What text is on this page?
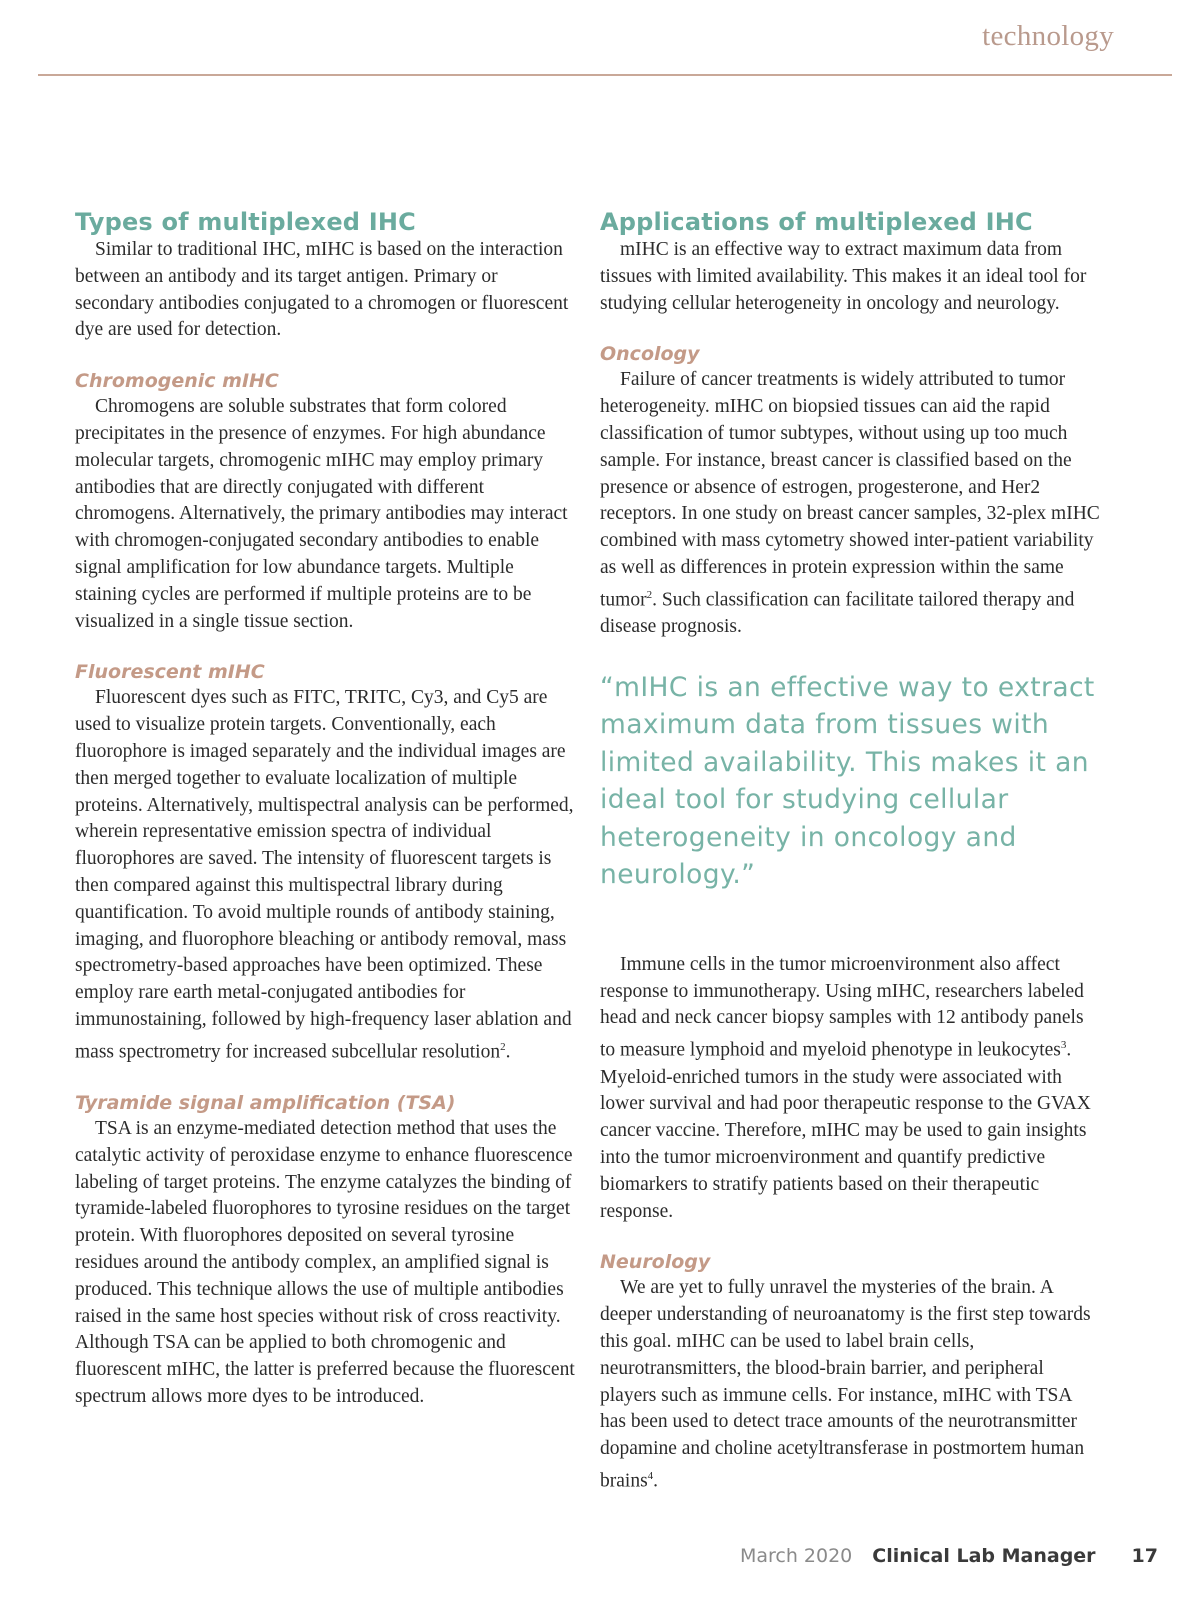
technology
Types of multiplexed IHC

Similar to traditional IHC, mIHC is based on the interaction between an antibody and its target antigen. Primary or secondary antibodies conjugated to a chromogen or fluorescent dye are used for detection.

Chromogenic mIHC

Chromogens are soluble substrates that form colored precipitates in the presence of enzymes. For high abundance molecular targets, chromogenic mIHC may employ primary antibodies that are directly conjugated with different chromogens. Alternatively, the primary antibodies may interact with chromogen-conjugated secondary antibodies to enable signal amplification for low abundance targets. Multiple staining cycles are performed if multiple proteins are to be visualized in a single tissue section.

Fluorescent mIHC

Fluorescent dyes such as FITC, TRITC, Cy3, and Cy5 are used to visualize protein targets. Conventionally, each fluorophore is imaged separately and the individual images are then merged together to evaluate localization of multiple proteins. Alternatively, multispectral analysis can be performed, wherein representative emission spectra of individual fluorophores are saved. The intensity of fluorescent targets is then compared against this multispectral library during quantification. To avoid multiple rounds of antibody staining, imaging, and fluorophore bleaching or antibody removal, mass spectrometry-based approaches have been optimized. These employ rare earth metal-conjugated antibodies for immunostaining, followed by high-frequency laser ablation and mass spectrometry for increased subcellular resolution$^2$.

Tyramide signal amplification (TSA)

TSA is an enzyme-mediated detection method that uses the catalytic activity of peroxidase enzyme to enhance fluorescence labeling of target proteins. The enzyme catalyzes the binding of tyramide-labeled fluorophores to tyrosine residues on the target protein. With fluorophores deposited on several tyrosine residues around the antibody complex, an amplified signal is produced. This technique allows the use of multiple antibodies raised in the same host species without risk of cross reactivity. Although TSA can be applied to both chromogenic and fluorescent mIHC, the latter is preferred because the fluorescent spectrum allows more dyes to be introduced.

Applications of multiplexed IHC

mIHC is an effective way to extract maximum data from tissues with limited availability. This makes it an ideal tool for studying cellular heterogeneity in oncology and neurology.

Oncology

Failure of cancer treatments is widely attributed to tumor heterogeneity. mIHC on biopsied tissues can aid the rapid classification of tumor subtypes, without using up too much sample. For instance, breast cancer is classified based on the presence or absence of estrogen, progesterone, and Her2 receptors. In one study on breast cancer samples, 32-plex mIHC combined with mass cytometry showed inter-patient variability as well as differences in protein expression within the same tumor$^2$. Such classification can facilitate tailored therapy and disease prognosis.

“mIHC is an effective way to extract maximum data from tissues with limited availability. This makes it an ideal tool for studying cellular heterogeneity in oncology and neurology.”

Immune cells in the tumor microenvironment also affect response to immunotherapy. Using mIHC, researchers labeled head and neck cancer biopsy samples with 12 antibody panels to measure lymphoid and myeloid phenotype in leukocytes$^3$. Myeloid-enriched tumors in the study were associated with lower survival and had poor therapeutic response to the GVAX cancer vaccine. Therefore, mIHC may be used to gain insights into the tumor microenvironment and quantify predictive biomarkers to stratify patients based on their therapeutic response.

Neurology

We are yet to fully unravel the mysteries of the brain. A deeper understanding of neuroanatomy is the first step towards this goal. mIHC can be used to label brain cells, neurotransmitters, the blood-brain barrier, and peripheral players such as immune cells. For instance, mIHC with TSA has been used to detect trace amounts of the neurotransmitter dopamine and choline acetyltransferase in postmortem human brains$^4$.

March 2020 Clinical Lab Manager 17
